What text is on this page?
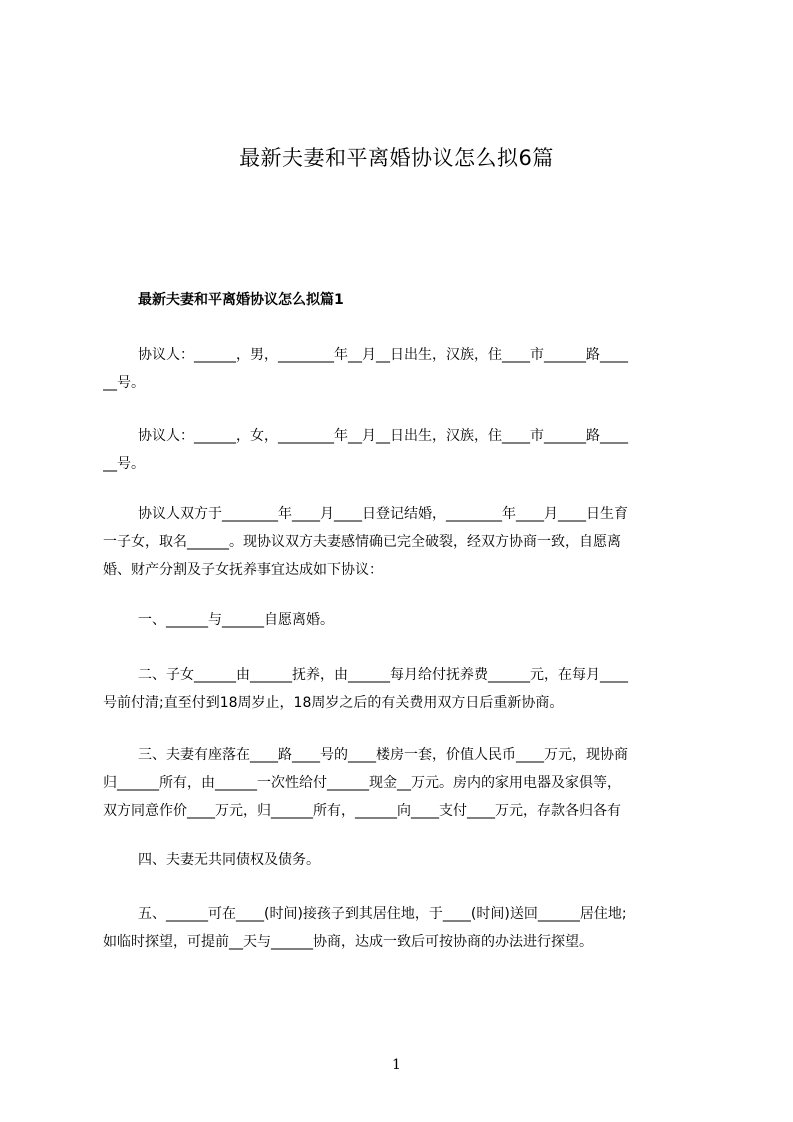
最新夫妻和平离婚协议怎么拟6篇
最新夫妻和平离婚协议怎么拟篇1

协议人：______，男，________年__月__日出生，汉族，住____市______路____
__号。

协议人：______，女，________年__月__日出生，汉族，住____市______路____
__号。

协议人双方于________年____月____日登记结婚，________年____月____日生育
一子女，取名______。现协议双方夫妻感情确已完全破裂，经双方协商一致，自愿离
婚、财产分割及子女抚养事宜达成如下协议：

一、______与______自愿离婚。

二、子女______由______抚养，由______每月给付抚养费______元，在每月____
号前付清;直至付到18周岁止，18周岁之后的有关费用双方日后重新协商。

三、夫妻有座落在____路____号的____楼房一套，价值人民币____万元，现协商
归______所有，由______一次性给付______现金__万元。房内的家用电器及家俱等，
双方同意作价____万元，归______所有，______向____支付____万元，存款各归各有

四、夫妻无共同债权及债务。

五、______可在____(时间)接孩子到其居住地，于____(时间)送回______居住地;
如临时探望，可提前__天与______协商，达成一致后可按协商的办法进行探望。

1
